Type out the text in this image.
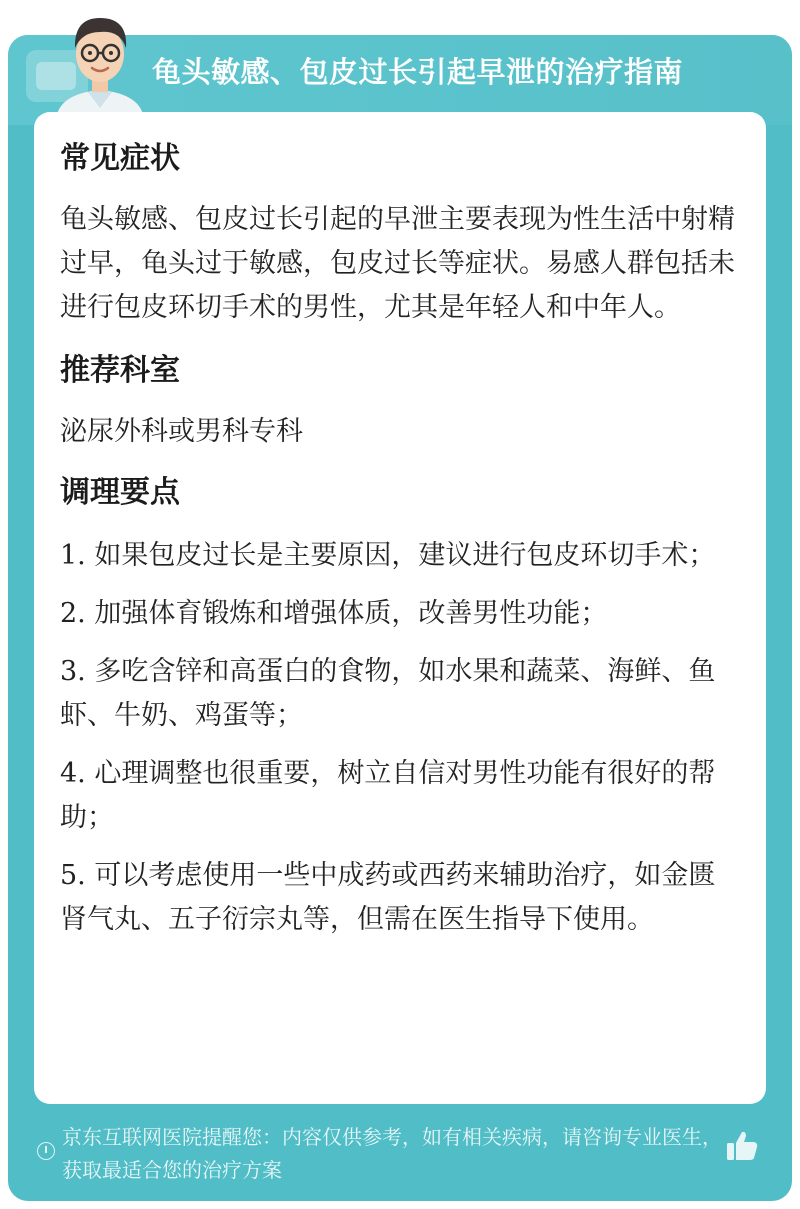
龟头敏感、包皮过长引起早泄的治疗指南
常见症状
龟头敏感、包皮过长引起的早泄主要表现为性生活中射精过早，龟头过于敏感，包皮过长等症状。易感人群包括未进行包皮环切手术的男性，尤其是年轻人和中年人。
推荐科室
泌尿外科或男科专科
调理要点
1. 如果包皮过长是主要原因，建议进行包皮环切手术；
2. 加强体育锻炼和增强体质，改善男性功能；
3. 多吃含锌和高蛋白的食物，如水果和蔬菜、海鲜、鱼虾、牛奶、鸡蛋等；
4. 心理调整也很重要，树立自信对男性功能有很好的帮助；
5. 可以考虑使用一些中成药或西药来辅助治疗，如金匮肾气丸、五子衍宗丸等，但需在医生指导下使用。
京东互联网医院提醒您：内容仅供参考，如有相关疾病，请咨询专业医生，获取最适合您的治疗方案
